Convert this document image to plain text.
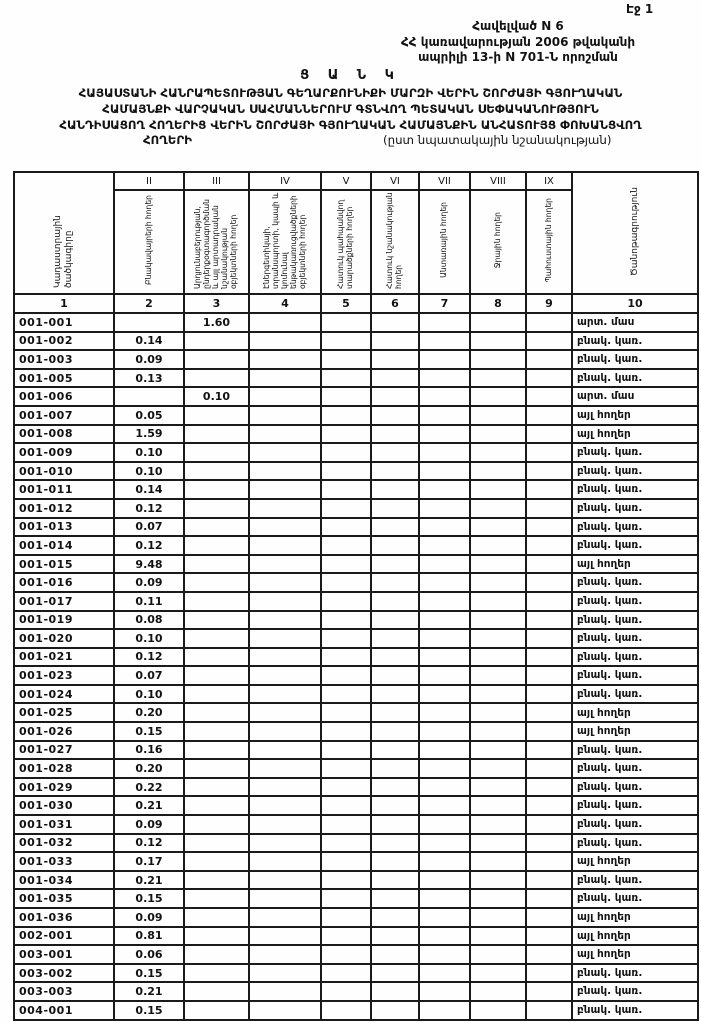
Էջ 1
Հավելված N 6
ՀՀ կառավարության 2006 թվականի
ապրիլի 13-ի N 701-Ն որոշման
Ց Ա Ն Կ
ՀԱՅԱՍՏԱՆԻ ՀԱՆՐԱՊԵՏՈՒԹՅԱՆ ԳԵՂԱՐՔՈՒՆԻՔԻ ՄԱՐԶԻ ՎԵՐԻՆ ՇՈՐԺԱՅԻ ԳՅՈՒՂԱԿԱՆ
ՀԱՄԱՅՆՔԻ ՎԱՐՉԱԿԱՆ ՍԱՀՄԱՆՆԵՐՈՒՄ ԳՏՆՎՈՂ ՊԵՏԱԿԱՆ ՍԵՓԱԿԱՆՈՒԹՅՈՒՆ
ՀԱՆԴԻՍԱՑՈՂ ՀՈՂԵՐԻՑ ՎԵՐԻՆ ՇՈՐԺԱՅԻ ԳՅՈՒՂԱԿԱՆ ՀԱՄԱՅՆՔԻՆ ԱՆՀԱՏՈՒՅՑ ՓՈԽԱՆՑՎՈՂ
ՀՈՂԵՐԻ	(ըստ նպատակային նշանակության)
Կադաստրային ծածկագիրը	II	III	IV	V	VI	VII	VIII	IX	Ծանոթագրություն
	Բնակավայրերի հողեր	Արդյունաբերության, ընդերքօգտագործման և այլ արտադրական նշանակության օբյեկտների հողեր	Էներգետիկայի, տրանսպորտի, կապի և կոմունալ ենթակառուցվածքների օբյեկտների հողեր	Հատուկ պահպանվող տարածքների հողեր	Հատուկ նշանակության հողեր	Անտառային հողեր	Ջրային հողեր	Պահուստային հողեր	
1	2	3	4	5	6	7	8	9	10
001-001		1.60							արտ. մաս
001-002	0.14								բնակ. կառ.
001-003	0.09								բնակ. կառ.
001-005	0.13								բնակ. կառ.
001-006		0.10							արտ. մաս
001-007	0.05								այլ հողեր
001-008	1.59								այլ հողեր
001-009	0.10								բնակ. կառ.
001-010	0.10								բնակ. կառ.
001-011	0.14								բնակ. կառ.
001-012	0.12								բնակ. կառ.
001-013	0.07								բնակ. կառ.
001-014	0.12								բնակ. կառ.
001-015	9.48								այլ հողեր
001-016	0.09								բնակ. կառ.
001-017	0.11								բնակ. կառ.
001-019	0.08								բնակ. կառ.
001-020	0.10								բնակ. կառ.
001-021	0.12								բնակ. կառ.
001-023	0.07								բնակ. կառ.
001-024	0.10								բնակ. կառ.
001-025	0.20								այլ հողեր
001-026	0.15								այլ հողեր
001-027	0.16								բնակ. կառ.
001-028	0.20								բնակ. կառ.
001-029	0.22								բնակ. կառ.
001-030	0.21								բնակ. կառ.
001-031	0.09								բնակ. կառ.
001-032	0.12								բնակ. կառ.
001-033	0.17								այլ հողեր
001-034	0.21								բնակ. կառ.
001-035	0.15								բնակ. կառ.
001-036	0.09								այլ հողեր
002-001	0.81								այլ հողեր
003-001	0.06								այլ հողեր
003-002	0.15								բնակ. կառ.
003-003	0.21								բնակ. կառ.
004-001	0.15								բնակ. կառ.
